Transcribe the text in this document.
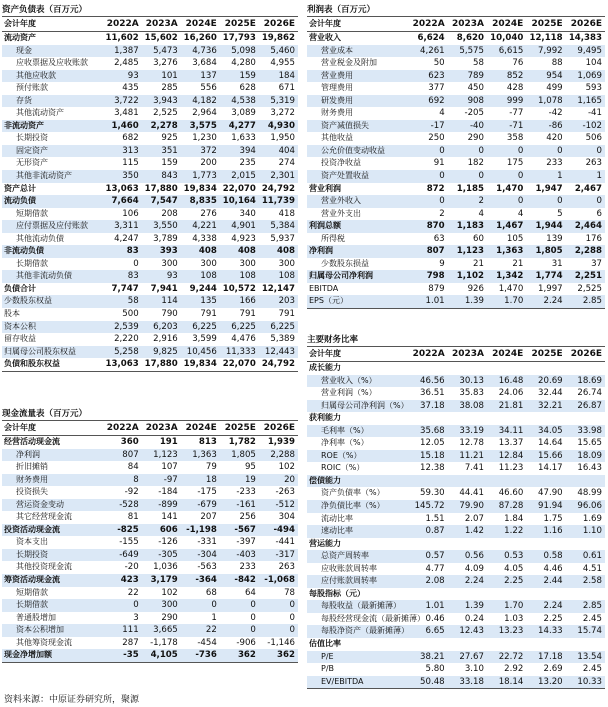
资产负债表（百万元）
会计年度	2022A	2023A	2024E	2025E	2026E
流动资产	11,602	15,602	16,260	17,793	19,862
现金	1,387	5,473	4,736	5,098	5,460
应收票据及应收账款	2,485	3,276	3,684	4,280	4,955
其他应收款	93	101	137	159	184
预付账款	435	285	556	628	671
存货	3,722	3,943	4,182	4,538	5,319
其他流动资产	3,481	2,525	2,964	3,089	3,272
非流动资产	1,460	2,278	3,575	4,277	4,930
长期投资	682	925	1,230	1,633	1,950
固定资产	313	351	372	394	404
无形资产	115	159	200	235	274
其他非流动资产	350	843	1,773	2,015	2,301
资产总计	13,063	17,880	19,834	22,070	24,792
流动负债	7,664	7,547	8,835	10,164	11,739
短期借款	106	208	276	340	418
应付票据及应付账款	3,311	3,550	4,221	4,901	5,384
其他流动负债	4,247	3,789	4,338	4,923	5,937
非流动负债	83	393	408	408	408
长期借款	0	300	300	300	300
其他非流动负债	83	93	108	108	108
负债合计	7,747	7,941	9,244	10,572	12,147
少数股东权益	58	114	135	166	203
股本	500	790	791	791	791
资本公积	2,539	6,203	6,225	6,225	6,225
留存收益	2,220	2,916	3,599	4,476	5,389
归属母公司股东权益	5,258	9,825	10,456	11,333	12,443
负债和股东权益	13,063	17,880	19,834	22,070	24,792
现金流量表（百万元）
会计年度	2022A	2023A	2024E	2025E	2026E
经营活动现金流	360	191	813	1,782	1,939
净利润	807	1,123	1,363	1,805	2,288
折旧摊销	84	107	79	95	102
财务费用	8	-97	18	19	20
投资损失	-92	-184	-175	-233	-263
营运资金变动	-528	-899	-679	-161	-512
其它经营现金流	81	141	207	256	304
投资活动现金流	-825	606	-1,198	-567	-494
资本支出	-155	-126	-331	-397	-441
长期投资	-649	-305	-304	-403	-317
其他投资现金流	-20	1,036	-563	233	263
筹资活动现金流	423	3,179	-364	-842	-1,068
短期借款	22	102	68	64	78
长期借款	0	300	0	0	0
普通股增加	3	290	1	0	0
资本公积增加	111	3,665	22	0	0
其他筹资现金流	287	-1,178	-454	-906	-1,146
现金净增加额	-35	4,105	-736	362	362
利润表（百万元）
会计年度	2022A	2023A	2024E	2025E	2026E
营业收入	6,624	8,620	10,040	12,118	14,383
营业成本	4,261	5,575	6,615	7,992	9,495
营业税金及附加	50	58	76	88	104
营业费用	623	789	852	954	1,069
管理费用	377	450	428	499	593
研发费用	692	908	999	1,078	1,165
财务费用	4	-205	-77	-42	-41
资产减值损失	-17	-40	-71	-86	-102
其他收益	250	290	358	420	506
公允价值变动收益	0	0	0	0	0
投资净收益	91	182	175	233	263
资产处置收益	0	0	0	1	1
营业利润	872	1,185	1,470	1,947	2,467
营业外收入	0	2	0	0	0
营业外支出	2	4	4	5	6
利润总额	870	1,183	1,467	1,944	2,464
所得税	63	60	105	139	176
净利润	807	1,123	1,363	1,805	2,288
少数股东损益	9	21	21	31	37
归属母公司净利润	798	1,102	1,342	1,774	2,251
EBITDA	879	926	1,470	1,997	2,525
EPS（元）	1.01	1.39	1.70	2.24	2.85
主要财务比率
会计年度	2022A	2023A	2024E	2025E	2026E
成长能力					
营业收入（%）	46.56	30.13	16.48	20.69	18.69
营业利润（%）	36.51	35.83	24.06	32.44	26.74
归属母公司净利润（%）	37.18	38.08	21.81	32.21	26.87
获利能力					
毛利率（%）	35.68	33.19	34.11	34.05	33.98
净利率（%）	12.05	12.78	13.37	14.64	15.65
ROE（%）	15.18	11.21	12.84	15.66	18.09
ROIC（%）	12.38	7.41	11.23	14.17	16.43
偿债能力					
资产负债率（%）	59.30	44.41	46.60	47.90	48.99
净负债比率（%）	145.72	79.90	87.28	91.94	96.06
流动比率	1.51	2.07	1.84	1.75	1.69
速动比率	0.87	1.42	1.22	1.16	1.10
营运能力					
总资产周转率	0.57	0.56	0.53	0.58	0.61
应收账款周转率	4.77	4.09	4.05	4.46	4.51
应付账款周转率	2.08	2.24	2.25	2.44	2.58
每股指标（元）					
每股收益（最新摊薄）	1.01	1.39	1.70	2.24	2.85
每股经营现金流（最新摊薄）	0.46	0.24	1.03	2.25	2.45
每股净资产（最新摊薄）	6.65	12.43	13.23	14.33	15.74
估值比率					
P/E	38.21	27.67	22.72	17.18	13.54
P/B	5.80	3.10	2.92	2.69	2.45
EV/EBITDA	50.48	33.18	18.14	13.20	10.33
资料来源：中原证券研究所，聚源
